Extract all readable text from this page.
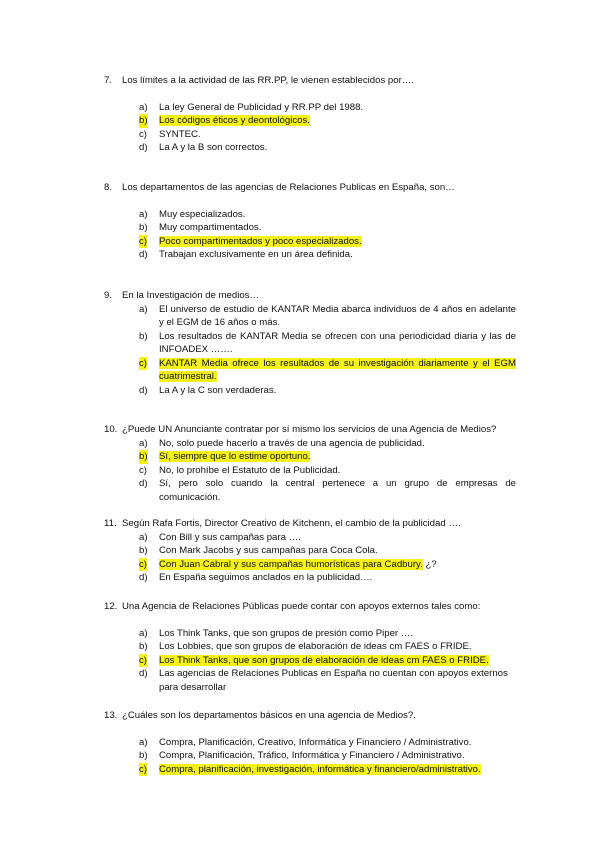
7. Los límites a la actividad de las RR.PP, le vienen establecidos por….
a) La ley General de Publicidad y RR.PP del 1988.
b) Los códigos éticos y deontológicos.
c) SYNTEC.
d) La A y la B son correctos.
8. Los departamentos de las agencias de Relaciones Publicas en España, son…
a) Muy especializados.
b) Muy compartimentados.
c) Poco compartimentados y poco especializados.
d) Trabajan exclusivamente en un área definida.
9. En la Investigación de medios…
a) El universo de estudio de KANTAR Media abarca individuos de 4 años en adelante y el EGM de 16 años o más.
b) Los resultados de KANTAR Media se ofrecen con una periodicidad diaria y las de INFOADEX …….
c) KANTAR Media ofrece los resultados de su investigación diariamente y el EGM cuatrimestral.
d) La A y la C son verdaderas.
10. ¿Puede UN Anunciante contratar por sí mismo los servicios de una Agencia de Medios?
a) No, solo puede hacerlo a través de una agencia de publicidad.
b) Sí, siempre que lo estime oportuno.
c) No, lo prohíbe el Estatuto de la Publicidad.
d) Sí, pero solo cuando la central pertenece a un grupo de empresas de comunicación.
11. Según Rafa Fortis, Director Creativo de Kitchenn, el cambio de la publicidad ….
a) Con Bill y sus campañas para ….
b) Con Mark Jacobs y sus campañas para Coca Cola.
c) Con Juan Cabral y sus campañas humorísticas para Cadbury. ¿?
d) En España seguimos anclados en la publicidad….
12. Una Agencia de Relaciones Públicas puede contar con apoyos externos tales como:
a) Los Think Tanks, que son grupos de presión como Piper ….
b) Los Lobbies, que son grupos de elaboración de ideas cm FAES o FRIDE.
c) Los Think Tanks, que son grupos de elaboración de ideas cm FAES o FRIDE.
d) Las agencias de Relaciones Publicas en España no cuentan con apoyos externos para desarrollar
13. ¿Cuáles son los departamentos básicos en una agencia de Medios?.
a) Compra, Planificación, Creativo, Informática y Financiero / Administrativo.
b) Compra, Planificación, Tráfico, Informática y Financiero / Administrativo.
c) Compra, planificación, investigación, informática y financiero/administrativo.
